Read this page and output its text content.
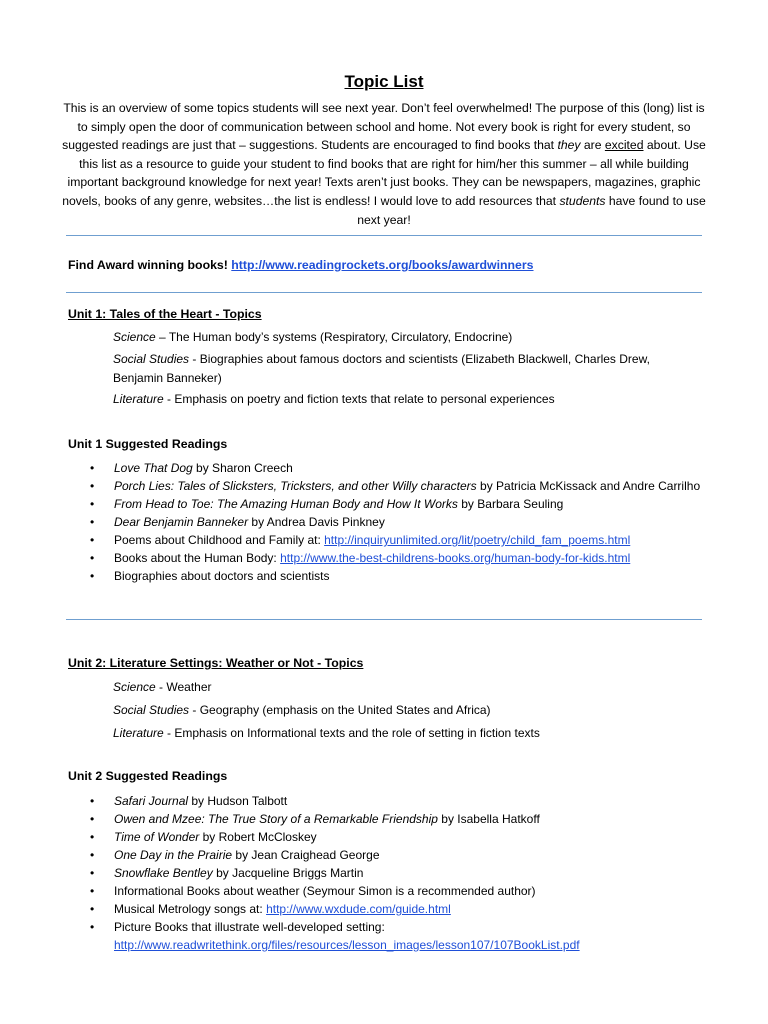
Topic List
This is an overview of some topics students will see next year. Don’t feel overwhelmed! The purpose of this (long) list is to simply open the door of communication between school and home. Not every book is right for every student, so suggested readings are just that – suggestions. Students are encouraged to find books that they are excited about. Use this list as a resource to guide your student to find books that are right for him/her this summer – all while building important background knowledge for next year! Texts aren’t just books. They can be newspapers, magazines, graphic novels, books of any genre, websites…the list is endless! I would love to add resources that students have found to use next year!
Find Award winning books! http://www.readingrockets.org/books/awardwinners
Unit 1: Tales of the Heart - Topics
Science – The Human body’s systems (Respiratory, Circulatory, Endocrine)
Social Studies - Biographies about famous doctors and scientists (Elizabeth Blackwell, Charles Drew, Benjamin Banneker)
Literature - Emphasis on poetry and fiction texts that relate to personal experiences
Unit 1 Suggested Readings
• Love That Dog by Sharon Creech
• Porch Lies: Tales of Slicksters, Tricksters, and other Willy characters by Patricia McKissack and Andre Carrilho
• From Head to Toe: The Amazing Human Body and How It Works by Barbara Seuling
• Dear Benjamin Banneker by Andrea Davis Pinkney
• Poems about Childhood and Family at: http://inquiryunlimited.org/lit/poetry/child_fam_poems.html
• Books about the Human Body: http://www.the-best-childrens-books.org/human-body-for-kids.html
• Biographies about doctors and scientists
Unit 2: Literature Settings: Weather or Not - Topics
Science - Weather
Social Studies - Geography (emphasis on the United States and Africa)
Literature - Emphasis on Informational texts and the role of setting in fiction texts
Unit 2 Suggested Readings
• Safari Journal by Hudson Talbott
• Owen and Mzee: The True Story of a Remarkable Friendship by Isabella Hatkoff
• Time of Wonder by Robert McCloskey
• One Day in the Prairie by Jean Craighead George
• Snowflake Bentley by Jacqueline Briggs Martin
• Informational Books about weather (Seymour Simon is a recommended author)
• Musical Metrology songs at: http://www.wxdude.com/guide.html
• Picture Books that illustrate well-developed setting: http://www.readwritethink.org/files/resources/lesson_images/lesson107/107BookList.pdf
